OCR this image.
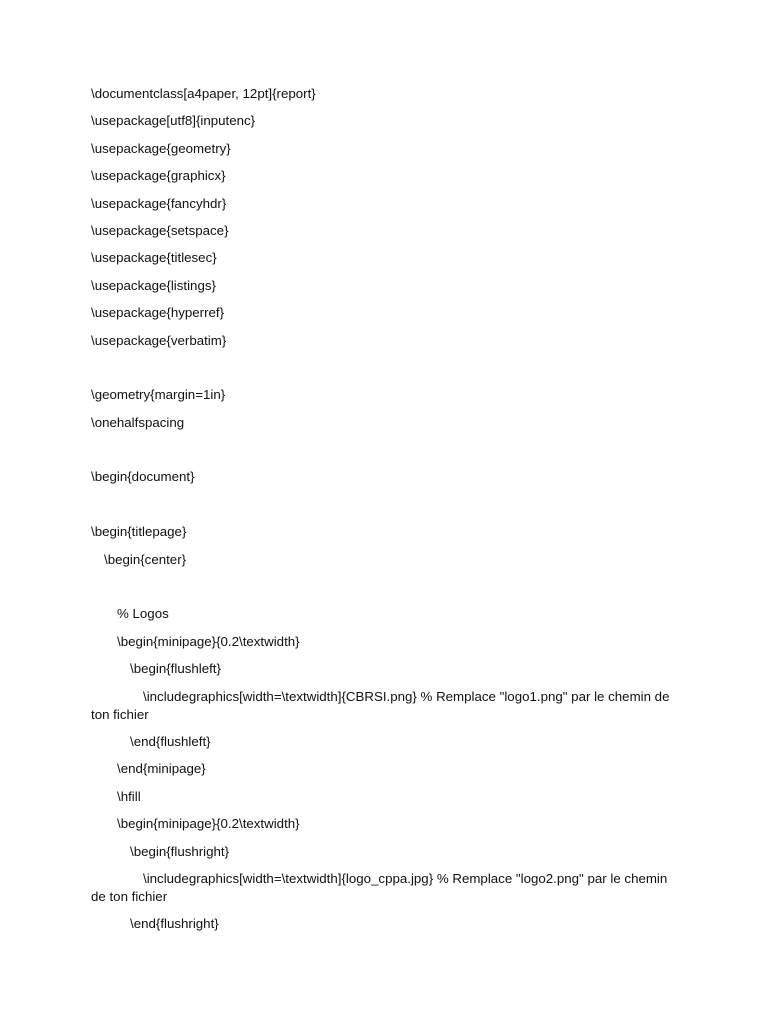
\documentclass[a4paper, 12pt]{report}
\usepackage[utf8]{inputenc}
\usepackage{geometry}
\usepackage{graphicx}
\usepackage{fancyhdr}
\usepackage{setspace}
\usepackage{titlesec}
\usepackage{listings}
\usepackage{hyperref}
\usepackage{verbatim}
\geometry{margin=1in}
\onehalfspacing
\begin{document}
\begin{titlepage}
\begin{center}
% Logos
\begin{minipage}{0.2\textwidth}
\begin{flushleft}
\includegraphics[width=\textwidth]{CBRSI.png} % Remplace "logo1.png" par le chemin de ton fichier
\end{flushleft}
\end{minipage}
\hfill
\begin{minipage}{0.2\textwidth}
\begin{flushright}
\includegraphics[width=\textwidth]{logo_cppa.jpg} % Remplace "logo2.png" par le chemin de ton fichier
\end{flushright}
